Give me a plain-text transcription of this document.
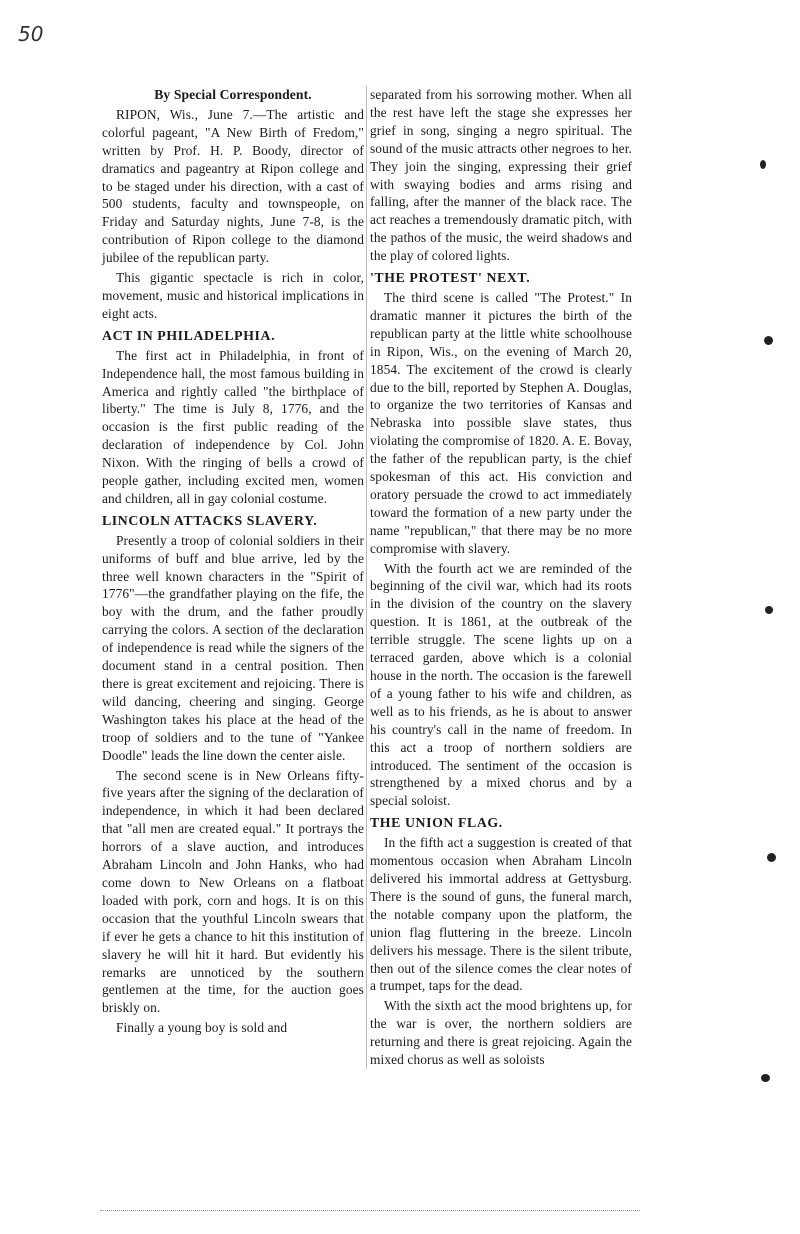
50
By Special Correspondent.

RIPON, Wis., June 7.—The artistic and colorful pageant, "A New Birth of Fredom," written by Prof. H. P. Boody, director of dramatics and pageantry at Ripon college and to be staged under his direction, with a cast of 500 students, faculty and townspeople, on Friday and Saturday nights, June 7-8, is the contribution of Ripon college to the diamond jubilee of the republican party.

This gigantic spectacle is rich in color, movement, music and historical implications in eight acts.

ACT IN PHILADELPHIA.

The first act in Philadelphia, in front of Independence hall, the most famous building in America and rightly called "the birthplace of liberty." The time is July 8, 1776, and the occasion is the first public reading of the declaration of independence by Col. John Nixon. With the ringing of bells a crowd of people gather, including excited men, women and children, all in gay colonial costume.

LINCOLN ATTACKS SLAVERY.

Presently a troop of colonial soldiers in their uniforms of buff and blue arrive, led by the three well known characters in the "Spirit of 1776"—the grandfather playing on the fife, the boy with the drum, and the father proudly carrying the colors. A section of the declaration of independence is read while the signers of the document stand in a central position. Then there is great excitement and rejoicing. There is wild dancing, cheering and singing. George Washington takes his place at the head of the troop of soldiers and to the tune of "Yankee Doodle" leads the line down the center aisle.

The second scene is in New Orleans fifty-five years after the signing of the declaration of independence, in which it had been declared that "all men are created equal." It portrays the horrors of a slave auction, and introduces Abraham Lincoln and John Hanks, who had come down to New Orleans on a flatboat loaded with pork, corn and hogs. It is on this occasion that the youthful Lincoln swears that if ever he gets a chance to hit this institution of slavery he will hit it hard. But evidently his remarks are unnoticed by the southern gentlemen at the time, for the auction goes briskly on.

Finally a young boy is sold and

separated from his sorrowing mother. When all the rest have left the stage she expresses her grief in song, singing a negro spiritual. The sound of the music attracts other negroes to her. They join the singing, expressing their grief with swaying bodies and arms rising and falling, after the manner of the black race. The act reaches a tremendously dramatic pitch, with the pathos of the music, the weird shadows and the play of colored lights.

'THE PROTEST' NEXT.

The third scene is called "The Protest." In dramatic manner it pictures the birth of the republican party at the little white schoolhouse in Ripon, Wis., on the evening of March 20, 1854. The excitement of the crowd is clearly due to the bill, reported by Stephen A. Douglas, to organize the two territories of Kansas and Nebraska into possible slave states, thus violating the compromise of 1820. A. E. Bovay, the father of the republican party, is the chief spokesman of this act. His conviction and oratory persuade the crowd to act immediately toward the formation of a new party under the name "republican," that there may be no more compromise with slavery.

With the fourth act we are reminded of the beginning of the civil war, which had its roots in the division of the country on the slavery question. It is 1861, at the outbreak of the terrible struggle. The scene lights up on a terraced garden, above which is a colonial house in the north. The occasion is the farewell of a young father to his wife and children, as well as to his friends, as he is about to answer his country's call in the name of freedom. In this act a troop of northern soldiers are introduced. The sentiment of the occasion is strengthened by a mixed chorus and by a special soloist.

THE UNION FLAG.

In the fifth act a suggestion is created of that momentous occasion when Abraham Lincoln delivered his immortal address at Gettysburg. There is the sound of guns, the funeral march, the notable company upon the platform, the union flag fluttering in the breeze. Lincoln delivers his message. There is the silent tribute, then out of the silence comes the clear notes of a trumpet, taps for the dead.

With the sixth act the mood brightens up, for the war is over, the northern soldiers are returning and there is great rejoicing. Again the mixed chorus as well as soloists
